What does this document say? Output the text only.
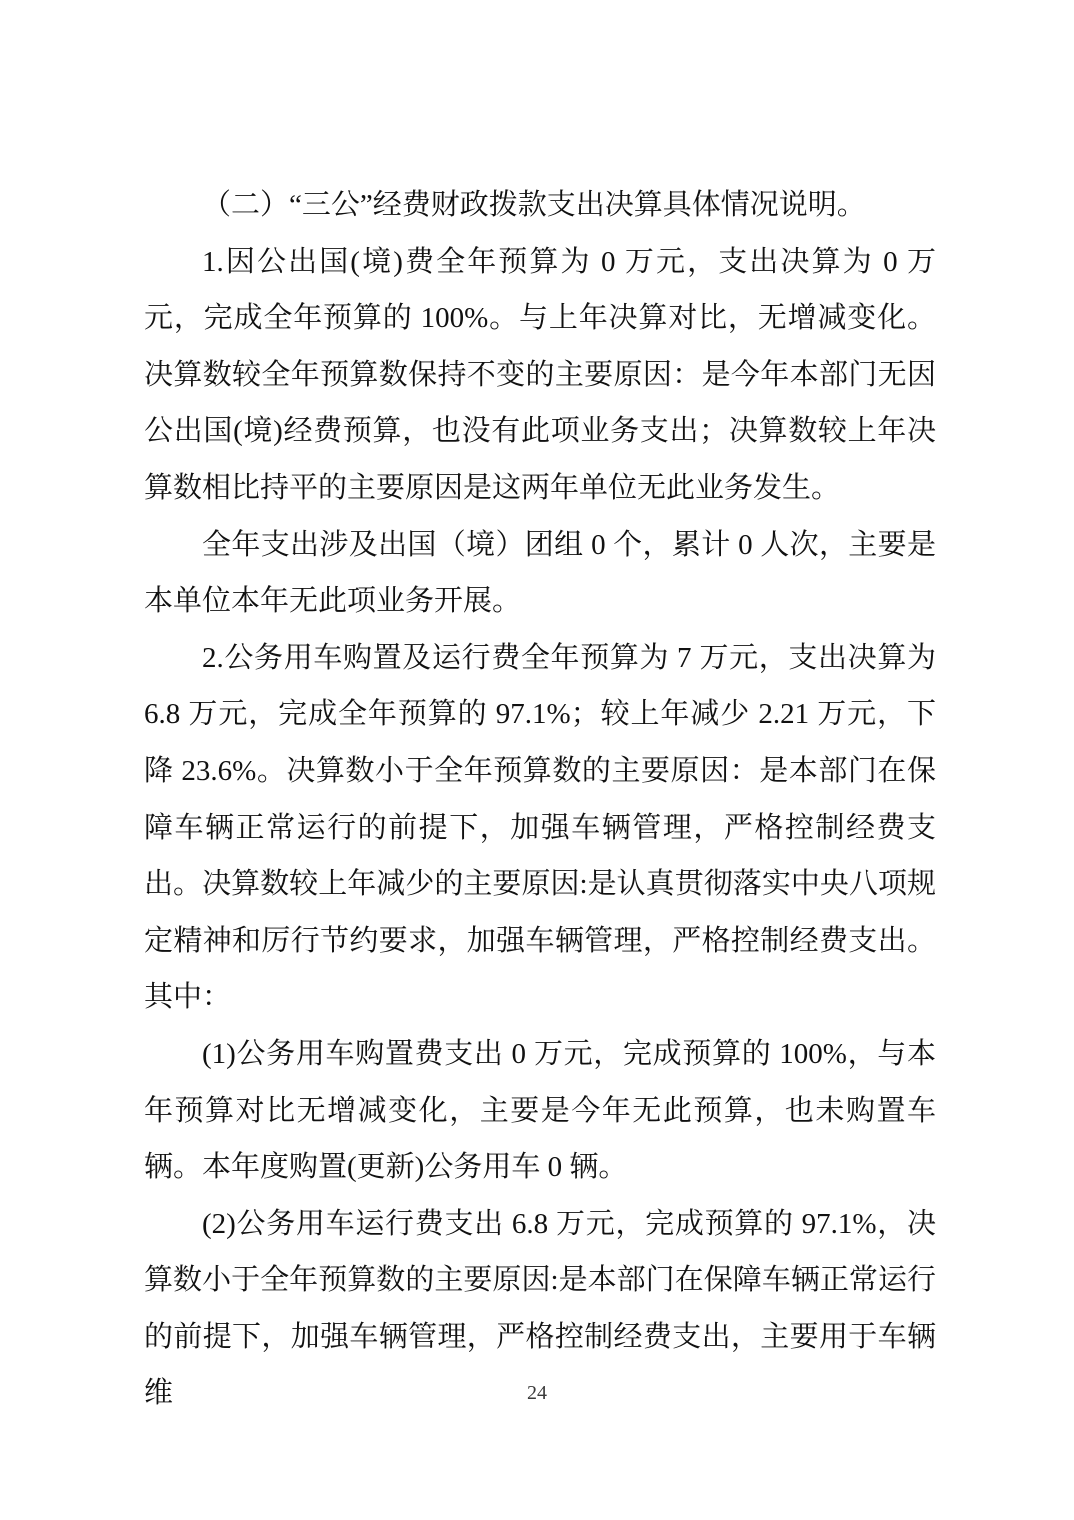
（二）“三公”经费财政拨款支出决算具体情况说明。

1.因公出国(境)费全年预算为 0 万元，支出决算为 0 万元，完成全年预算的 100%。与上年决算对比，无增减变化。决算数较全年预算数保持不变的主要原因：是今年本部门无因公出国(境)经费预算，也没有此项业务支出；决算数较上年决算数相比持平的主要原因是这两年单位无此业务发生。

全年支出涉及出国（境）团组 0 个，累计 0 人次，主要是本单位本年无此项业务开展。

2.公务用车购置及运行费全年预算为 7 万元，支出决算为 6.8 万元，完成全年预算的 97.1%；较上年减少 2.21 万元，下降 23.6%。决算数小于全年预算数的主要原因：是本部门在保障车辆正常运行的前提下，加强车辆管理，严格控制经费支出。决算数较上年减少的主要原因:是认真贯彻落实中央八项规定精神和厉行节约要求，加强车辆管理，严格控制经费支出。其中：

(1)公务用车购置费支出 0 万元，完成预算的 100%，与本年预算对比无增减变化，主要是今年无此预算，也未购置车辆。本年度购置(更新)公务用车 0 辆。

(2)公务用车运行费支出 6.8 万元，完成预算的 97.1%，决算数小于全年预算数的主要原因:是本部门在保障车辆正常运行的前提下，加强车辆管理，严格控制经费支出，主要用于车辆维	24
